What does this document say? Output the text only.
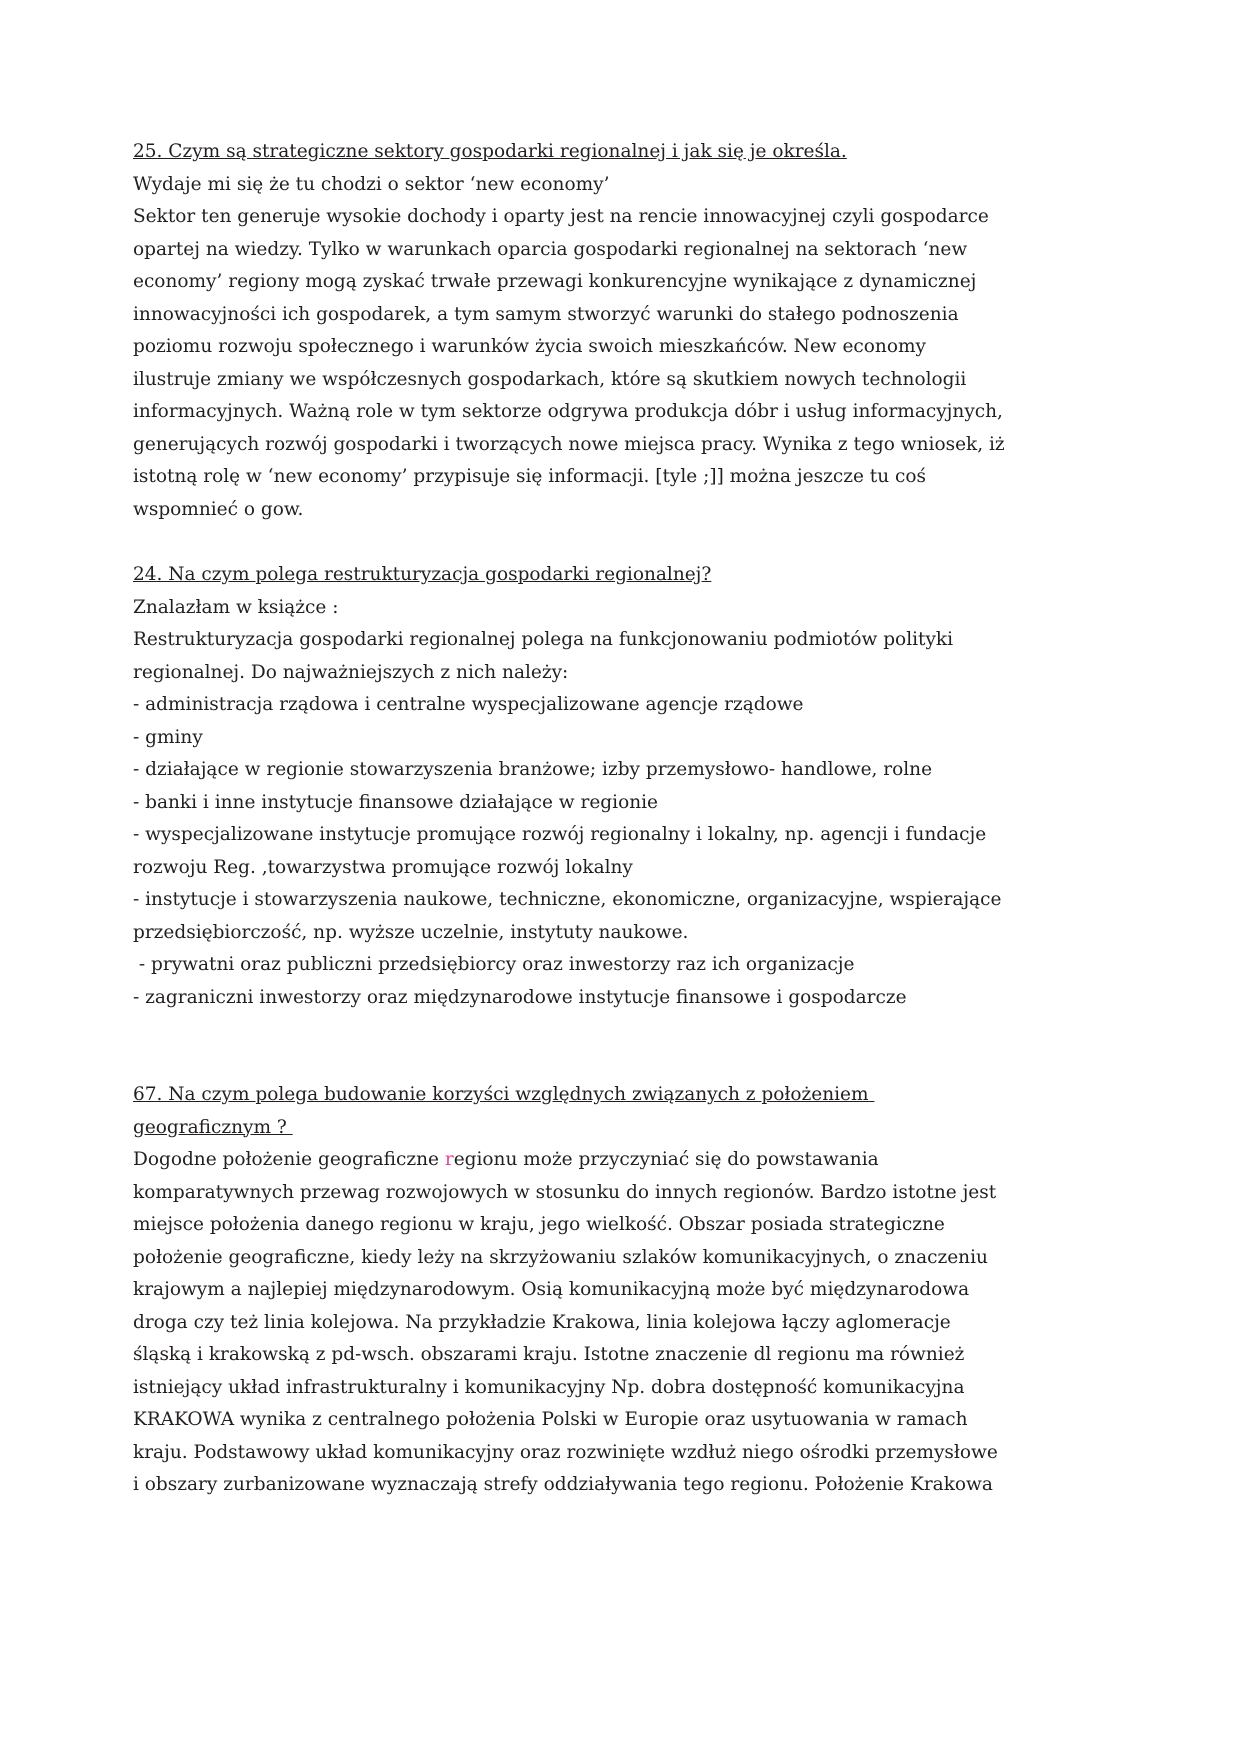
25. Czym są strategiczne sektory gospodarki regionalnej i jak się je określa.

Wydaje mi się że tu chodzi o sektor ‘new economy’

Sektor ten generuje wysokie dochody i oparty jest na rencie innowacyjnej czyli gospodarce opartej na wiedzy. Tylko w warunkach oparcia gospodarki regionalnej na sektorach ‘new economy’ regiony mogą zyskać trwałe przewagi konkurencyjne wynikające z dynamicznej innowacyjności ich gospodarek, a tym samym stworzyć warunki do stałego podnoszenia poziomu rozwoju społecznego i warunków życia swoich mieszkańców. New economy ilustruje zmiany we współczesnych gospodarkach, które są skutkiem nowych technologii informacyjnych. Ważną role w tym sektorze odgrywa produkcja dóbr i usług informacyjnych, generujących rozwój gospodarki i tworzących nowe miejsca pracy. Wynika z tego wniosek, iż istotną rolę w ‘new economy’ przypisuje się informacji. [tyle ;]] można jeszcze tu coś wspomnieć o gow.

24. Na czym polega restrukturyzacja gospodarki regionalnej?

Znalazłam w książce :

Restrukturyzacja gospodarki regionalnej polega na funkcjonowaniu podmiotów polityki regionalnej. Do najważniejszych z nich należy:

- administracja rządowa i centralne wyspecjalizowane agencje rządowe

- gminy

- działające w regionie stowarzyszenia branżowe; izby przemysłowo- handlowe, rolne

- banki i inne instytucje finansowe działające w regionie

- wyspecjalizowane instytucje promujące rozwój regionalny i lokalny, np. agencji i fundacje rozwoju Reg. ,towarzystwa promujące rozwój lokalny

- instytucje i stowarzyszenia naukowe, techniczne, ekonomiczne, organizacyjne, wspierające przedsiębiorczość, np. wyższe uczelnie, instytuty naukowe.

- prywatni oraz publiczni przedsiębiorcy oraz inwestorzy raz ich organizacje

- zagraniczni inwestorzy oraz międzynarodowe instytucje finansowe i gospodarcze

67. Na czym polega budowanie korzyści względnych związanych z położeniem geograficznym ?

Dogodne położenie geograficzne regionu może przyczyniać się do powstawania komparatywnych przewag rozwojowych w stosunku do innych regionów. Bardzo istotne jest miejsce położenia danego regionu w kraju, jego wielkość. Obszar posiada strategiczne położenie geograficzne, kiedy leży na skrzyżowaniu szlaków komunikacyjnych, o znaczeniu krajowym a najlepiej międzynarodowym. Osią komunikacyjną może być międzynarodowa droga czy też linia kolejowa. Na przykładzie Krakowa, linia kolejowa łączy aglomeracje śląską i krakowską z pd-wsch. obszarami kraju. Istotne znaczenie dl regionu ma również istniejący układ infrastrukturalny i komunikacyjny Np. dobra dostępność komunikacyjna KRAKOWA wynika z centralnego położenia Polski w Europie oraz usytuowania w ramach kraju. Podstawowy układ komunikacyjny oraz rozwinięte wzdłuż niego ośrodki przemysłowe i obszary zurbanizowane wyznaczają strefy oddziaływania tego regionu. Położenie Krakowa
